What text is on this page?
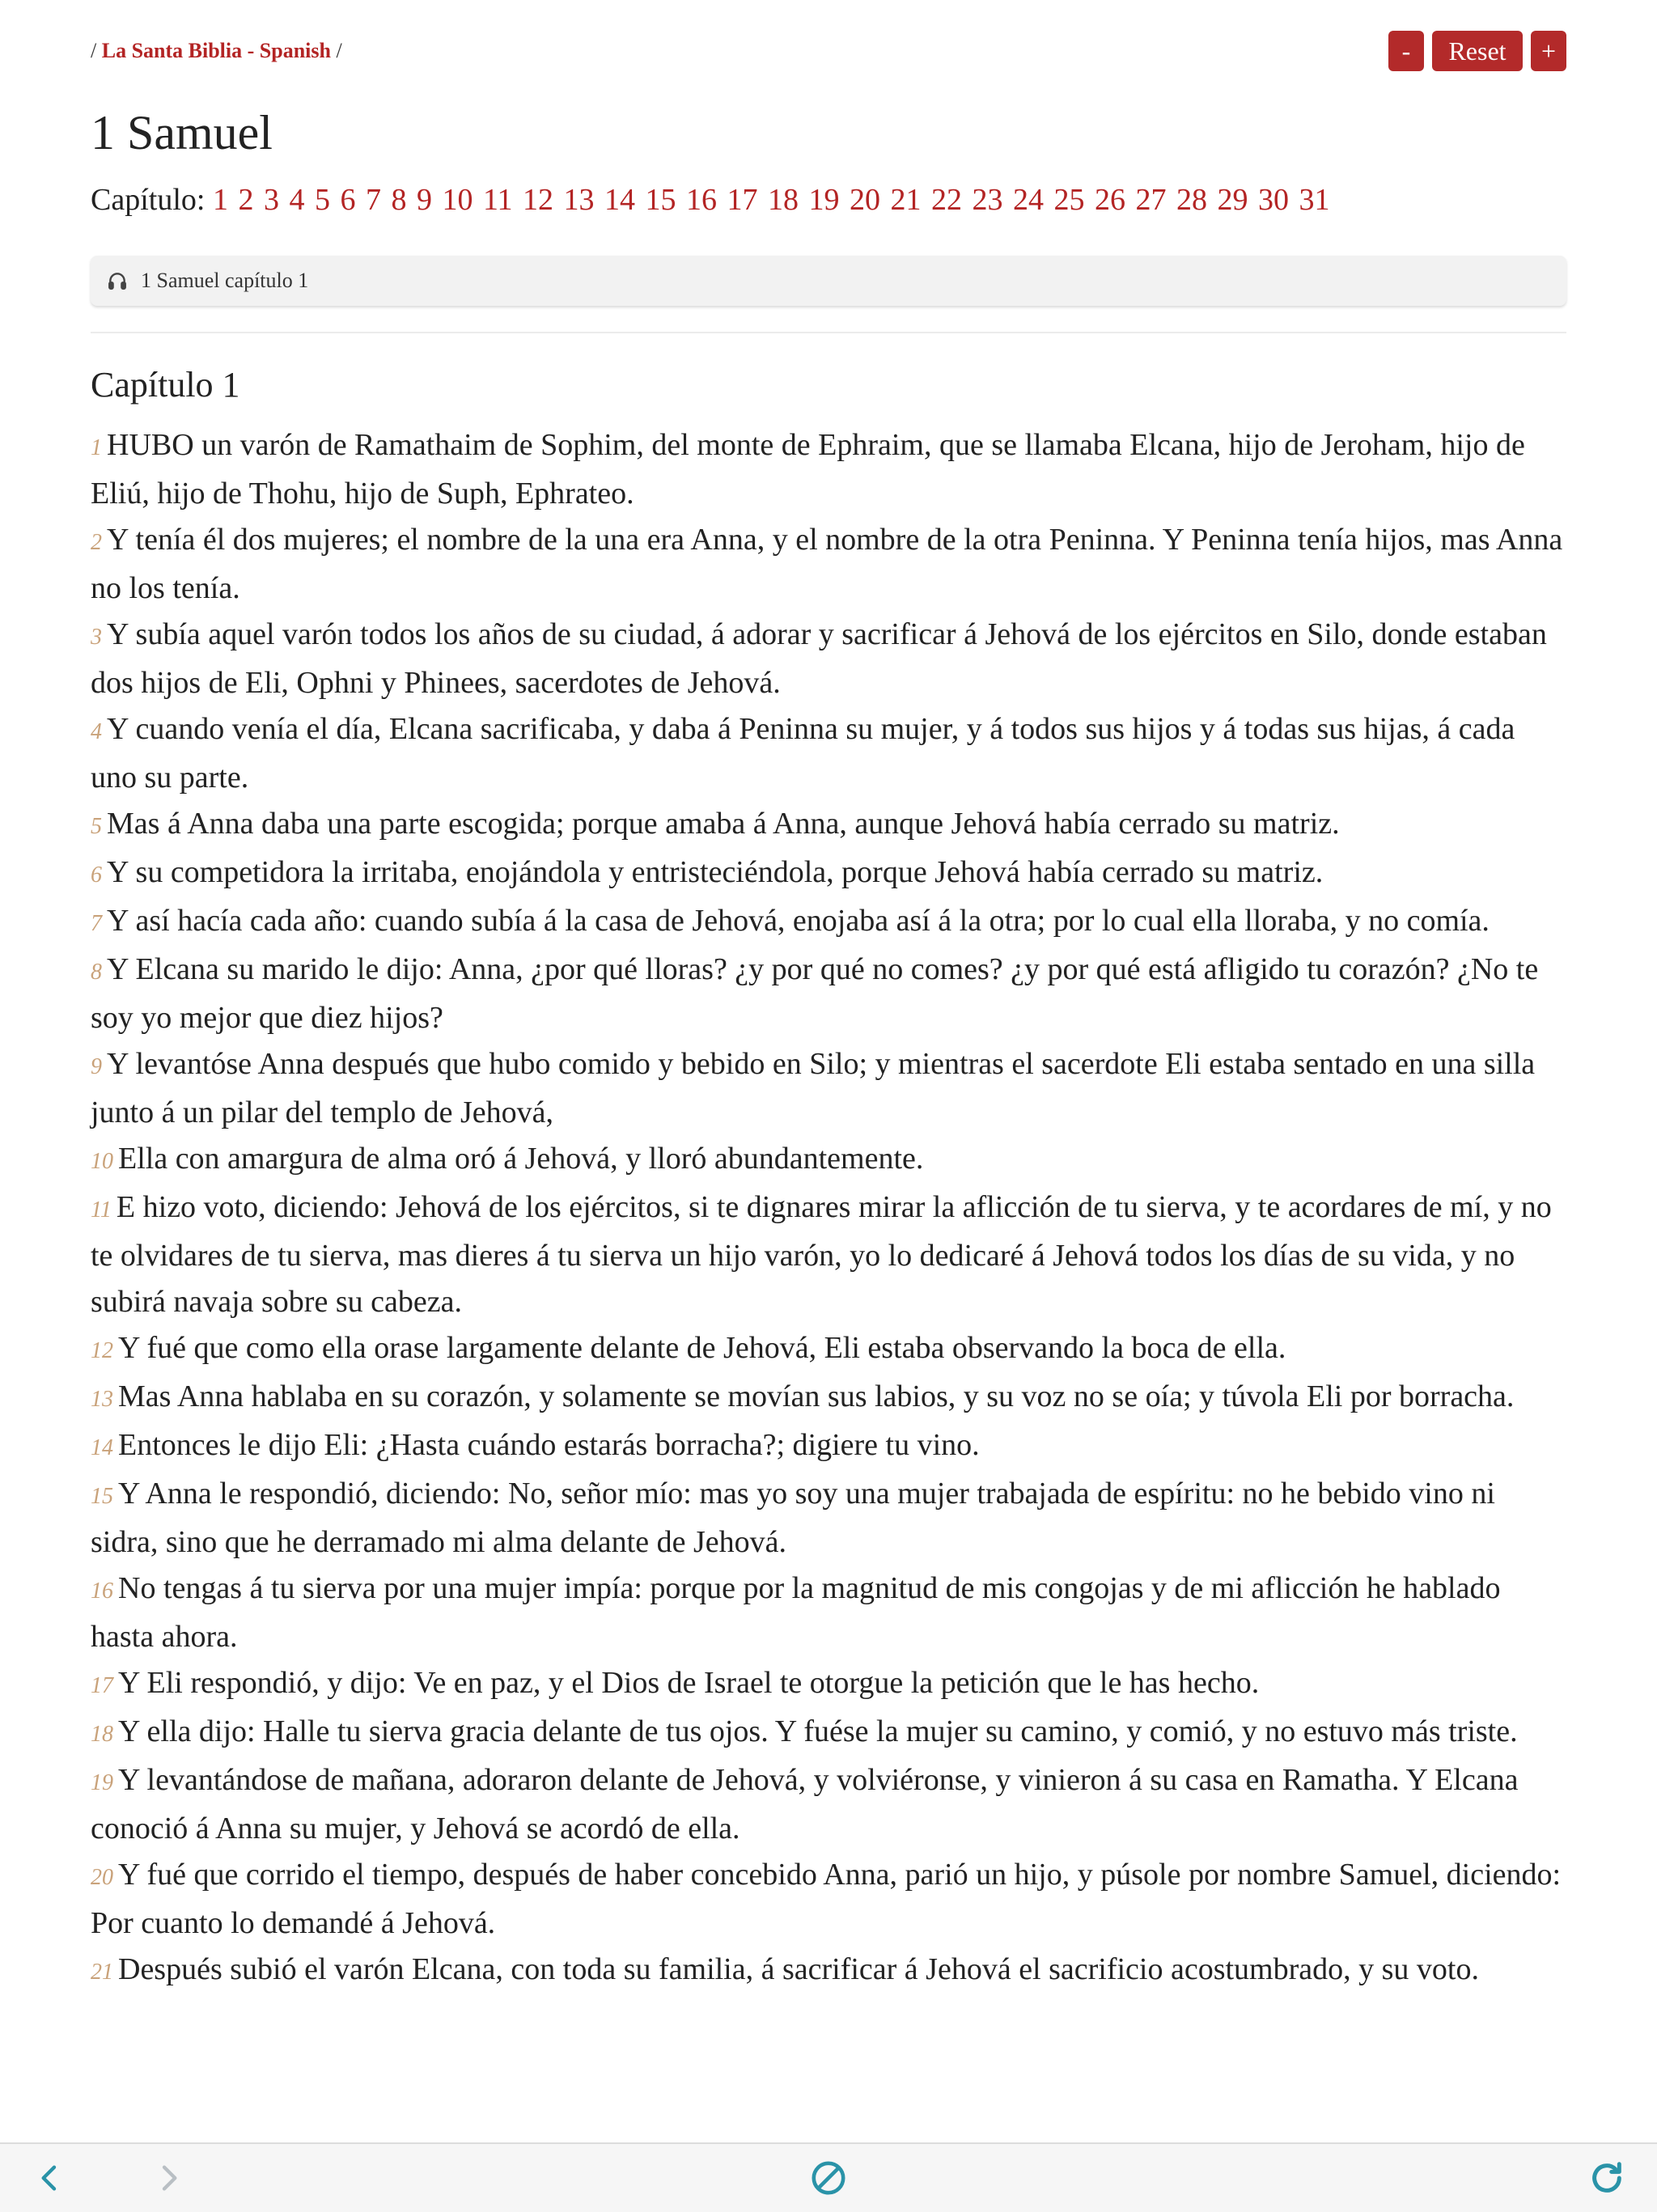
/ La Santa Biblia - Spanish /	-	Reset	+
1 Samuel
Capítulo: 1 2 3 4 5 6 7 8 9 10 11 12 13 14 15 16 17 18 19 20 21 22 23 24 25 26 27 28 29 30 31
1 Samuel capítulo 1
Capítulo 1
1 HUBO un varón de Ramathaim de Sophim, del monte de Ephraim, que se llamaba Elcana, hijo de Jeroham, hijo de Eliú, hijo de Thohu, hijo de Suph, Ephrateo.
2 Y tenía él dos mujeres; el nombre de la una era Anna, y el nombre de la otra Peninna. Y Peninna tenía hijos, mas Anna no los tenía.
3 Y subía aquel varón todos los años de su ciudad, á adorar y sacrificar á Jehová de los ejércitos en Silo, donde estaban dos hijos de Eli, Ophni y Phinees, sacerdotes de Jehová.
4 Y cuando venía el día, Elcana sacrificaba, y daba á Peninna su mujer, y á todos sus hijos y á todas sus hijas, á cada uno su parte.
5 Mas á Anna daba una parte escogida; porque amaba á Anna, aunque Jehová había cerrado su matriz.
6 Y su competidora la irritaba, enojándola y entristeciéndola, porque Jehová había cerrado su matriz.
7 Y así hacía cada año: cuando subía á la casa de Jehová, enojaba así á la otra; por lo cual ella lloraba, y no comía.
8 Y Elcana su marido le dijo: Anna, ¿por qué lloras? ¿y por qué no comes? ¿y por qué está afligido tu corazón? ¿No te soy yo mejor que diez hijos?
9 Y levantóse Anna después que hubo comido y bebido en Silo; y mientras el sacerdote Eli estaba sentado en una silla junto á un pilar del templo de Jehová,
10 Ella con amargura de alma oró á Jehová, y lloró abundantemente.
11 E hizo voto, diciendo: Jehová de los ejércitos, si te dignares mirar la aflicción de tu sierva, y te acordares de mí, y no te olvidares de tu sierva, mas dieres á tu sierva un hijo varón, yo lo dedicaré á Jehová todos los días de su vida, y no subirá navaja sobre su cabeza.
12 Y fué que como ella orase largamente delante de Jehová, Eli estaba observando la boca de ella.
13 Mas Anna hablaba en su corazón, y solamente se movían sus labios, y su voz no se oía; y túvola Eli por borracha.
14 Entonces le dijo Eli: ¿Hasta cuándo estarás borracha?; digiere tu vino.
15 Y Anna le respondió, diciendo: No, señor mío: mas yo soy una mujer trabajada de espíritu: no he bebido vino ni sidra, sino que he derramado mi alma delante de Jehová.
16 No tengas á tu sierva por una mujer impía: porque por la magnitud de mis congojas y de mi aflicción he hablado hasta ahora.
17 Y Eli respondió, y dijo: Ve en paz, y el Dios de Israel te otorgue la petición que le has hecho.
18 Y ella dijo: Halle tu sierva gracia delante de tus ojos. Y fuése la mujer su camino, y comió, y no estuvo más triste.
19 Y levantándose de mañana, adoraron delante de Jehová, y volviéronse, y vinieron á su casa en Ramatha. Y Elcana conoció á Anna su mujer, y Jehová se acordó de ella.
20 Y fué que corrido el tiempo, después de haber concebido Anna, parió un hijo, y púsole por nombre Samuel, diciendo: Por cuanto lo demandé á Jehová.
21 Después subió el varón Elcana, con toda su familia, á sacrificar á Jehová el sacrificio acostumbrado, y su voto.
